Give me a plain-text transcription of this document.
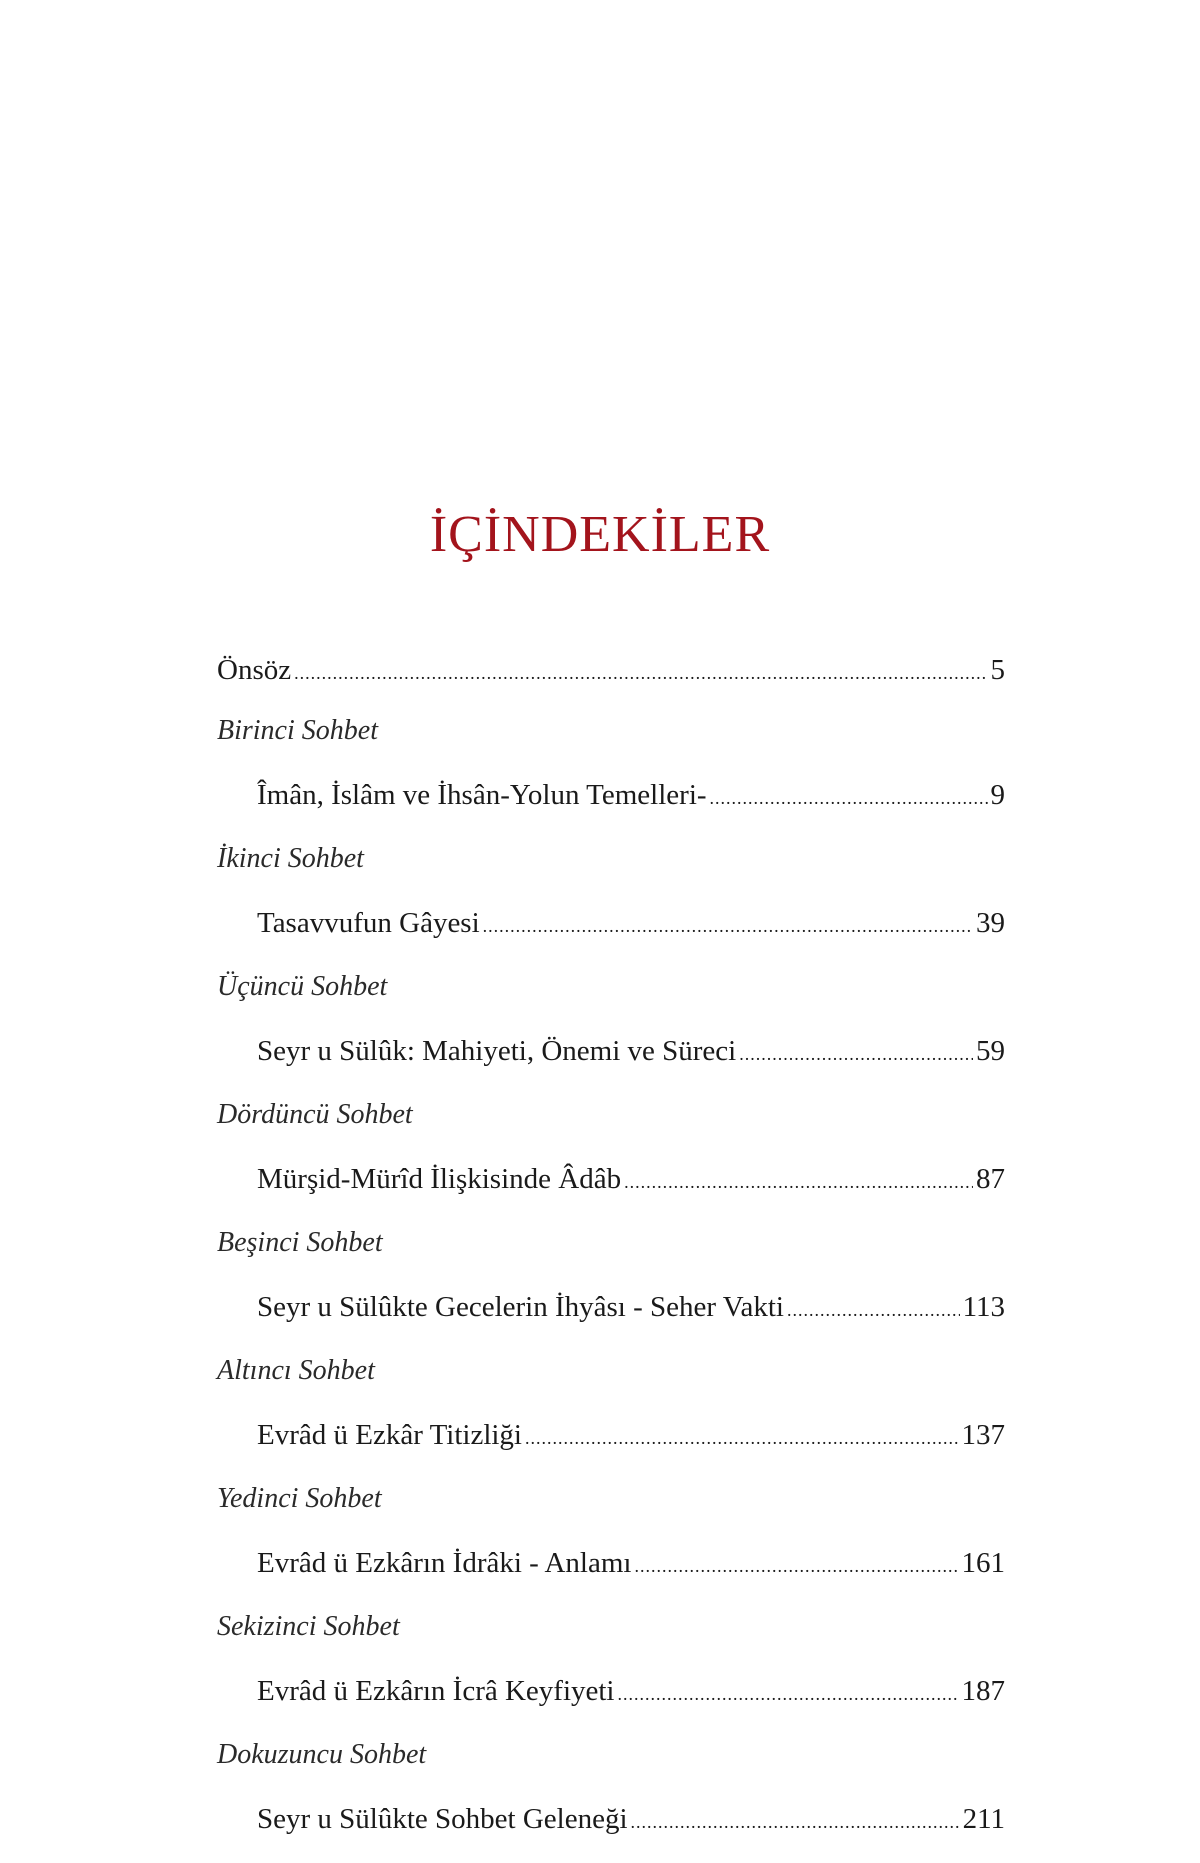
İÇİNDEKİLER
Önsöz .....	5
Birinci Sohbet
Îmân, İslâm ve İhsân-Yolun Temelleri- .....	9
İkinci Sohbet
Tasavvufun Gâyesi .....	39
Üçüncü Sohbet
Seyr u Sülûk: Mahiyeti, Önemi ve Süreci .....	59
Dördüncü Sohbet
Mürşid-Mürîd İlişkisinde Âdâb .....	87
Beşinci Sohbet
Seyr u Sülûkte Gecelerin İhyâsı - Seher Vakti .....	113
Altıncı Sohbet
Evrâd ü Ezkâr Titizliği .....	137
Yedinci Sohbet
Evrâd ü Ezkârın İdrâki - Anlamı .....	161
Sekizinci Sohbet
Evrâd ü Ezkârın İcrâ Keyfiyeti .....	187
Dokuzuncu Sohbet
Seyr u Sülûkte Sohbet Geleneği .....	211
